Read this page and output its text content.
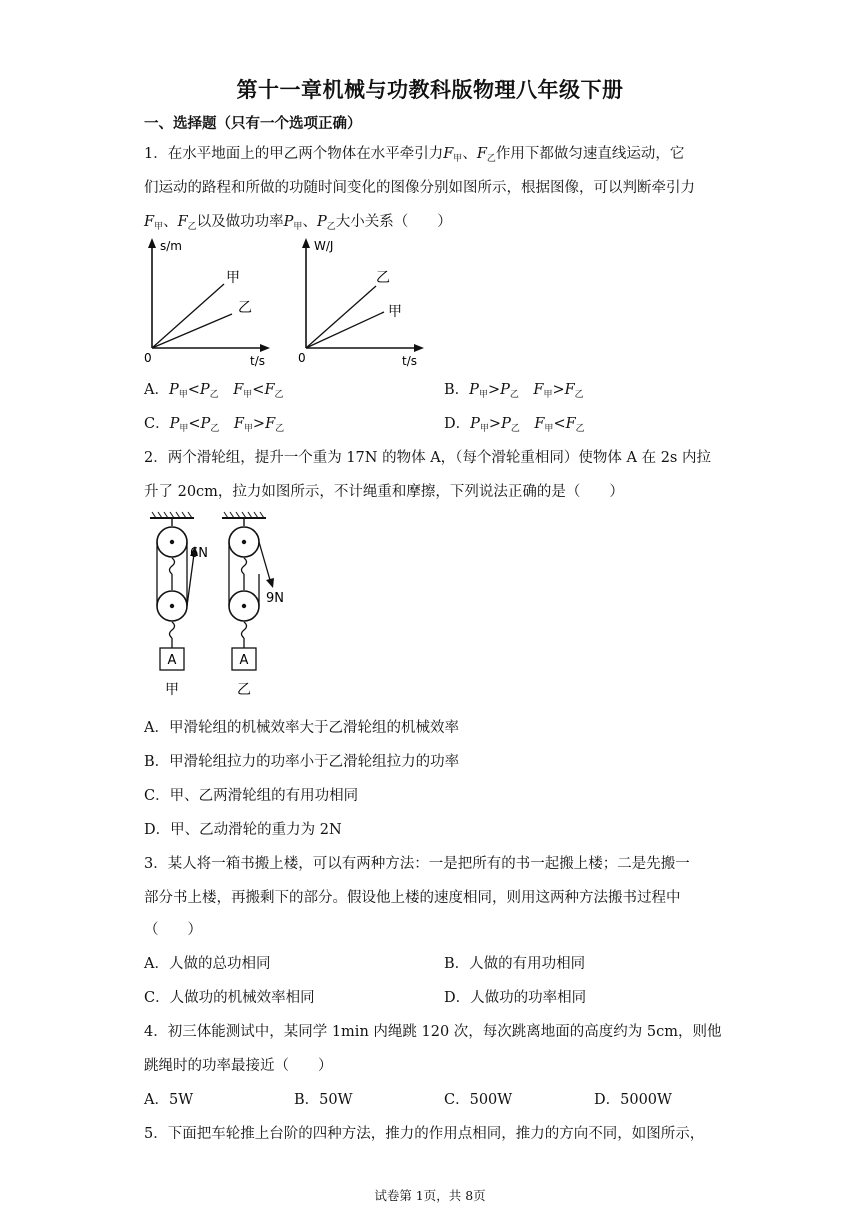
第十一章机械与功教科版物理八年级下册
一、选择题（只有一个选项正确）
1．在水平地面上的甲乙两个物体在水平牵引力$F_甲$、$F_乙$作用下都做匀速直线运动，它
们运动的路程和所做的功随时间变化的图像分别如图所示，根据图像，可以判断牵引力
$F_甲$、$F_乙$以及做功功率$P_甲$、$P_乙$大小关系（　　）
s/m
t/s
0
甲
乙
W/J
t/s
0
乙
甲
A．$P_甲<P_乙$　 $F_甲<F_乙$	B．$P_甲>P_乙$　 $F_甲>F_乙$
C．$P_甲<P_乙$　 $F_甲>F_乙$	D．$P_甲>P_乙$　 $F_甲<F_乙$
2．两个滑轮组，提升一个重为 17N 的物体 A，（每个滑轮重相同）使物体 A 在 2s 内拉
升了 20cm，拉力如图所示，不计绳重和摩擦，下列说法正确的是（　　）
A
甲
6N
A
乙
9N
A．甲滑轮组的机械效率大于乙滑轮组的机械效率
B．甲滑轮组拉力的功率小于乙滑轮组拉力的功率
C．甲、乙两滑轮组的有用功相同
D．甲、乙动滑轮的重力为 2N
3．某人将一箱书搬上楼，可以有两种方法：一是把所有的书一起搬上楼；二是先搬一
部分书上楼，再搬剩下的部分。假设他上楼的速度相同，则用这两种方法搬书过程中
（　　）
A．人做的总功相同	B．人做的有用功相同
C．人做功的机械效率相同	D．人做功的功率相同
4．初三体能测试中，某同学 1min 内绳跳 120 次，每次跳离地面的高度约为 5cm，则他
跳绳时的功率最接近（　　）
A．5W	B．50W	C．500W	D．5000W
5．下面把车轮推上台阶的四种方法，推力的作用点相同，推力的方向不同，如图所示，
试卷第 1页，共 8页
